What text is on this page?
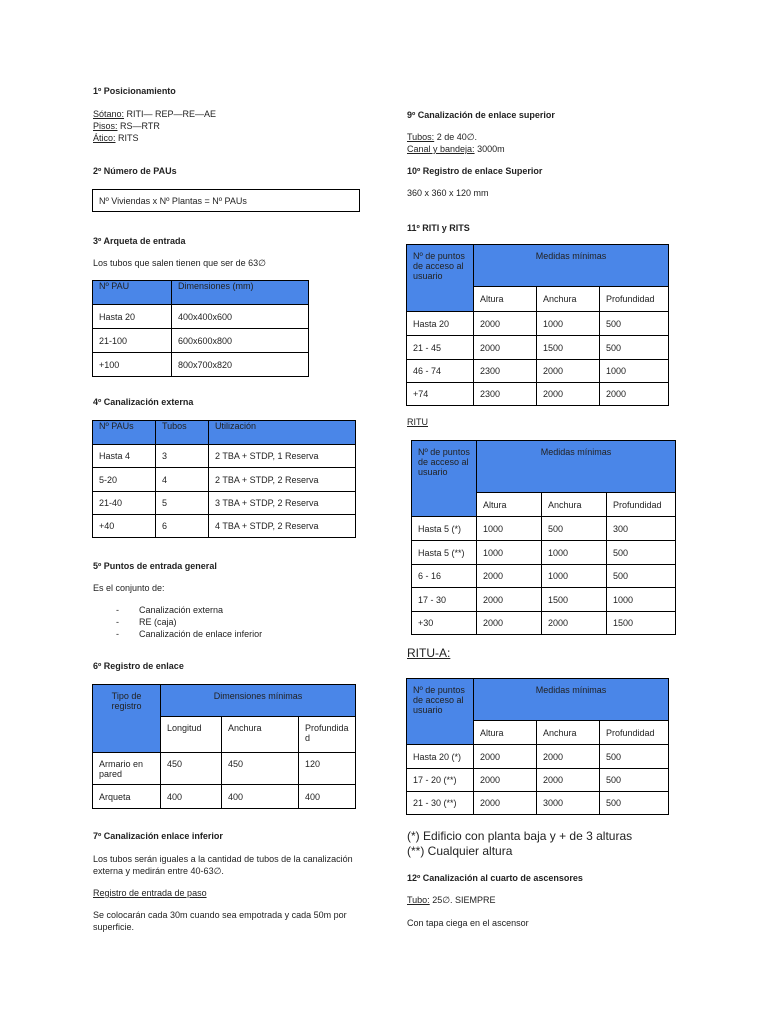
1º Posicionamiento
Sótano: RITI— REP—RE—AE
Pisos: RS—RTR
Ático: RITS
2º Número de PAUs
Nº Viviendas x Nº Plantas = Nº PAUs
3º Arqueta de entrada
Los tubos que salen tienen que ser de 63∅
Nº PAU	Dimensiones (mm)
Hasta 20	400x400x600
21-100	600x600x800
+100	800x700x820
4º Canalización externa
Nº PAUs	Tubos	Utilización
Hasta 4	3	2 TBA + STDP, 1 Reserva
5-20	4	2 TBA + STDP, 2 Reserva
21-40	5	3 TBA + STDP, 2 Reserva
+40	6	4 TBA + STDP, 2 Reserva
5º Puntos de entrada general
Es el conjunto de:
- Canalización externa
- RE (caja)
- Canalización de enlace inferior
6º Registro de enlace
Tipo de registro	Dimensiones mínimas		
	Longitud	Anchura	Profundidad
Armario en pared	450	450	120
Arqueta	400	400	400
7º Canalización enlace inferior
Los tubos serán iguales a la cantidad de tubos de la canalización
externa y medirán entre 40-63∅.
Registro de entrada de paso
Se colocarán cada 30m cuando sea empotrada y cada 50m por
superficie.
9º Canalización de enlace superior
Tubos: 2 de 40∅.
Canal y bandeja: 3000m
10º Registro de enlace Superior
360 x 360 x 120 mm
11º RITI y RITS
Nº de puntos de acceso al usuario	Medidas mínimas		
	Altura	Anchura	Profundidad
Hasta 20	2000	1000	500
21 - 45	2000	1500	500
46 - 74	2300	2000	1000
+74	2300	2000	2000
RITU
Nº de puntos de acceso al usuario	Medidas mínimas		
	Altura	Anchura	Profundidad
Hasta 5 (*)	1000	500	300
Hasta 5 (**)	1000	1000	500
6 - 16	2000	1000	500
17 - 30	2000	1500	1000
+30	2000	2000	1500
RITU-A:
Nº de puntos de acceso al usuario	Medidas mínimas		
	Altura	Anchura	Profundidad
Hasta 20 (*)	2000	2000	500
17 - 20 (**)	2000	2000	500
21 - 30 (**)	2000	3000	500
(*) Edificio con planta baja y + de 3 alturas
(**) Cualquier altura
12º Canalización al cuarto de ascensores
Tubo: 25∅. SIEMPRE
Con tapa ciega en el ascensor
